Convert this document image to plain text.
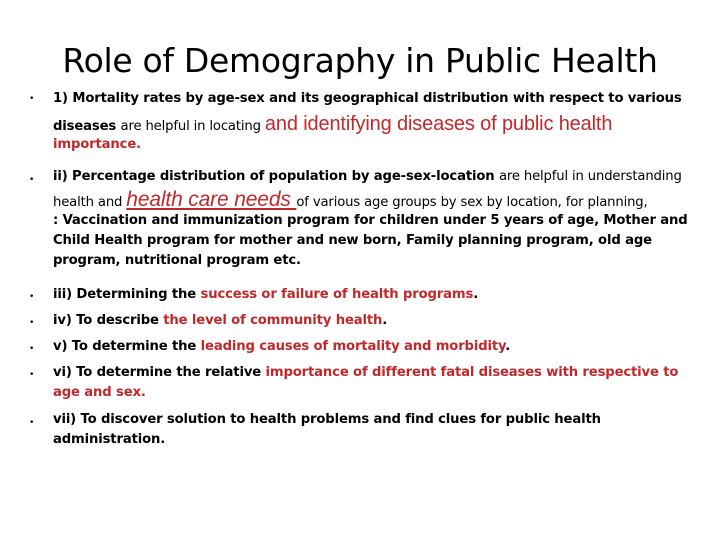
Role of Demography in Public Health
• 1) Mortality rates by age-sex and its geographical distribution with respect to various
diseases are helpful in locating and identifying diseases of public health
importance.
• ii) Percentage distribution of population by age-sex-location are helpful in understanding
health and health care needs of various age groups by sex by location, for planning,
: Vaccination and immunization program for children under 5 years of age, Mother and
Child Health program for mother and new born, Family planning program, old age
program, nutritional program etc.
• iii) Determining the success or failure of health programs.
• iv) To describe the level of community health.
• v) To determine the leading causes of mortality and morbidity.
• vi) To determine the relative importance of different fatal diseases with respective to
age and sex.
• vii) To discover solution to health problems and find clues for public health
administration.
